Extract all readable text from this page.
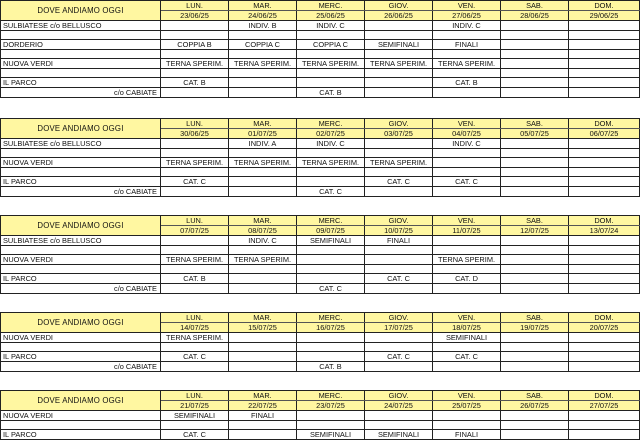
DOVE ANDIAMO OGGI	LUN.	MAR.	MERC.	GIOV.	VEN.	SAB.	DOM.
	23/06/25	24/06/25	25/06/25	26/06/25	27/06/25	28/06/25	29/06/25
SULBIATESE c/o BELLUSCO		INDIV. B	INDIV. C		INDIV. C		

DORDERIO	COPPIA B	COPPIA C	COPPIA C	SEMIFINALI	FINALI		

NUOVA VERDI	TERNA SPERIM.	TERNA SPERIM.	TERNA SPERIM.	TERNA SPERIM.	TERNA SPERIM.		

IL PARCO	CAT. B				CAT. B		
c/o CABIATE			CAT. B				
DOVE ANDIAMO OGGI	LUN.	MAR.	MERC.	GIOV.	VEN.	SAB.	DOM.
	30/06/25	01/07/25	02/07/25	03/07/25	04/07/25	05/07/25	06/07/25
SULBIATESE c/o BELLUSCO		INDIV. A	INDIV. C		INDIV. C		

NUOVA VERDI	TERNA SPERIM.	TERNA SPERIM.	TERNA SPERIM.	TERNA SPERIM.			

IL PARCO	CAT. C			CAT. C	CAT. C		
c/o CABIATE			CAT. C				
DOVE ANDIAMO OGGI	LUN.	MAR.	MERC.	GIOV.	VEN.	SAB.	DOM.
	07/07/25	08/07/25	09/07/25	10/07/25	11/07/25	12/07/25	13/07/24
SULBIATESE c/o BELLUSCO		INDIV. C	SEMIFINALI	FINALI			

NUOVA VERDI	TERNA SPERIM.	TERNA SPERIM.			TERNA SPERIM.		

IL PARCO	CAT. B			CAT. C	CAT. D		
c/o CABIATE			CAT. C				
DOVE ANDIAMO OGGI	LUN.	MAR.	MERC.	GIOV.	VEN.	SAB.	DOM.
	14/07/25	15/07/25	16/07/25	17/07/25	18/07/25	19/07/25	20/07/25
NUOVA VERDI	TERNA SPERIM.				SEMIFINALI		

IL PARCO	CAT. C			CAT. C	CAT. C		
c/o CABIATE			CAT. B				
DOVE ANDIAMO OGGI	LUN.	MAR.	MERC.	GIOV.	VEN.	SAB.	DOM.
	21/07/25	22/07/25	23/07/25	24/07/25	25/07/25	26/07/25	27/07/25
NUOVA VERDI	SEMIFINALI	FINALI					

IL PARCO	CAT. C		SEMIFINALI	SEMIFINALI	FINALI		
